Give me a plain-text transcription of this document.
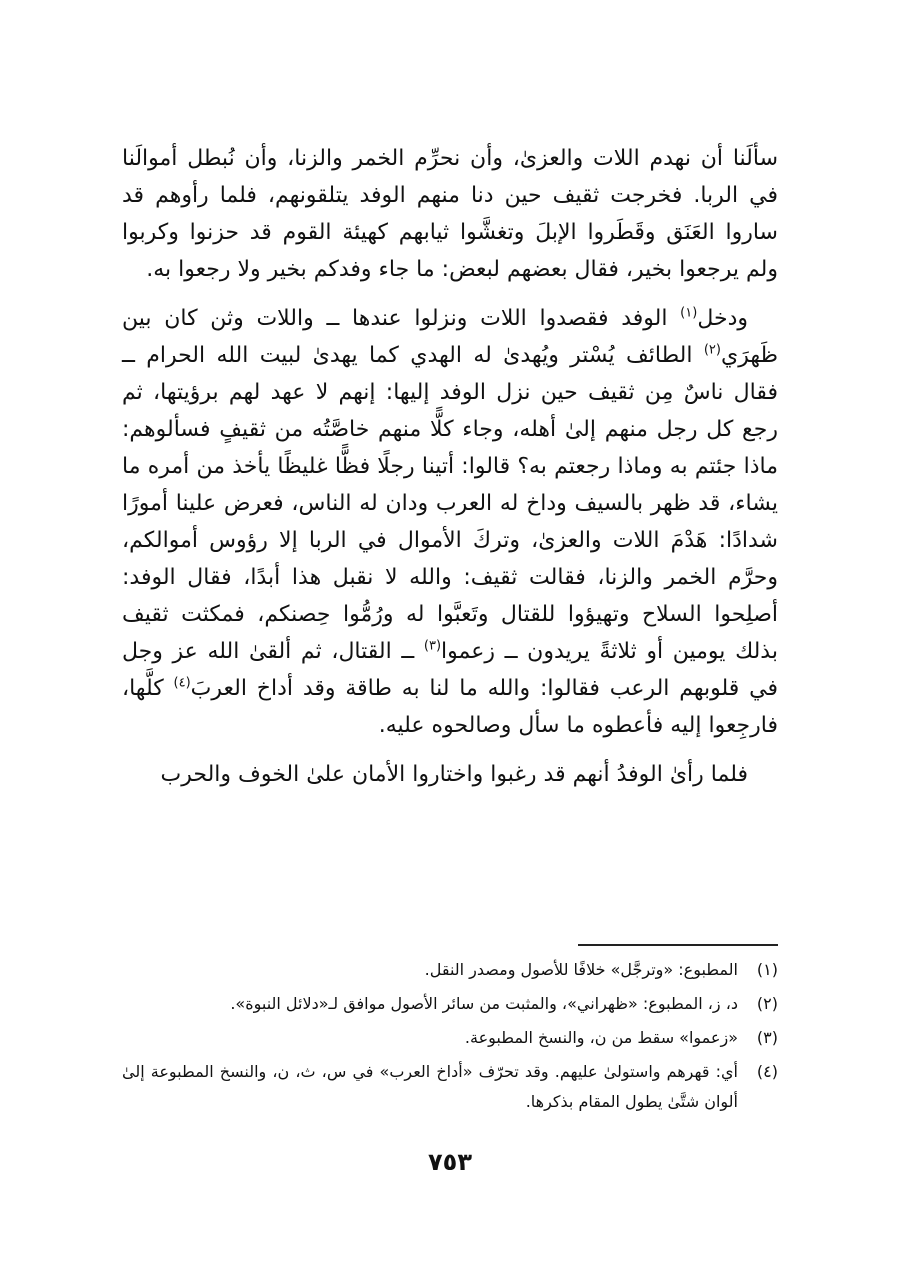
سألَنا أن نهدم اللات والعزىٰ، وأن نحرِّم الخمر والزنا، وأن نُبطل أموالَنا في الربا. فخرجت ثقيف حين دنا منهم الوفد يتلقونهم، فلما رأوهم قد ساروا العَنَق وقَطَروا الإبلَ وتغشَّوا ثيابهم كهيئة القوم قد حزنوا وكربوا ولم يرجعوا بخير، فقال بعضهم لبعض: ما جاء وفدكم بخير ولا رجعوا به.

ودخل$^{(١)}$ الوفد فقصدوا اللات ونزلوا عندها ــ واللات وثن كان بين ظَهرَي$^{(٢)}$ الطائف يُسْتر ويُهدىٰ له الهدي كما يهدىٰ لبيت الله الحرام ــ فقال ناسٌ مِن ثقيف حين نزل الوفد إليها: إنهم لا عهد لهم برؤيتها، ثم رجع كل رجل منهم إلىٰ أهله، وجاء كلًّا منهم خاصَّتُه من ثقيفٍ فسألوهم: ماذا جئتم به وماذا رجعتم به؟ قالوا: أتينا رجلًا فظًّا غليظًا يأخذ من أمره ما يشاء، قد ظهر بالسيف وداخ له العرب ودان له الناس، فعرض علينا أمورًا شدادًا: هَدْمَ اللات والعزىٰ، وتركَ الأموال في الربا إلا رؤوس أموالكم، وحرَّم الخمر والزنا، فقالت ثقيف: والله لا نقبل هذا أبدًا، فقال الوفد: أصلِحوا السلاح وتهيؤوا للقتال وتَعبَّوا له ورُمُّوا حِصنكم، فمكثت ثقيف بذلك يومين أو ثلاثةً يريدون ــ زعموا$^{(٣)}$ ــ القتال، ثم ألقىٰ الله عز وجل في قلوبهم الرعب فقالوا: والله ما لنا به طاقة وقد أداخ العربَ$^{(٤)}$ كلَّها، فارجِعوا إليه فأعطوه ما سأل وصالحوه عليه.

فلما رأىٰ الوفدُ أنهم قد رغبوا واختاروا الأمان علىٰ الخوف والحرب

(١)
المطبوع: «وترجَّل» خلافًا للأصول ومصدر النقل.
(٢)
د، ز، المطبوع: «ظهراني»، والمثبت من سائر الأصول موافق لـ«دلائل النبوة».
(٣)
«زعموا» سقط من ن، والنسخ المطبوعة.
(٤)
أي: قهرهم واستولىٰ عليهم. وقد تحرّف «أداخ العرب» في س، ث، ن، والنسخ المطبوعة إلىٰ ألوان شتَّىٰ يطول المقام بذكرها.
٧٥٣
